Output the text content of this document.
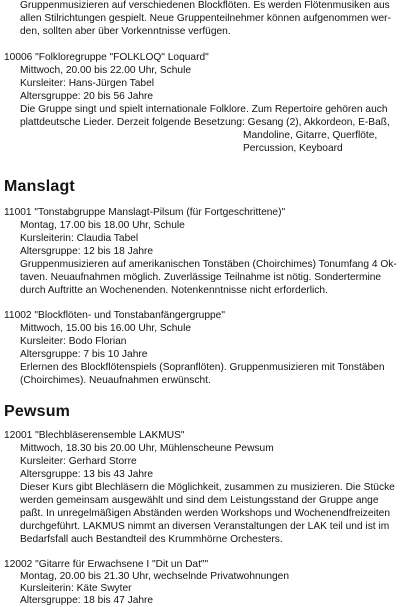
Gruppenmusizieren auf verschiedenen Blockflöten. Es werden Flötenmusiken aus
allen Stilrichtungen gespielt. Neue Gruppenteilnehmer können aufgenommen wer-
den, sollten aber über Vorkenntnisse verfügen.
10006 "Folkloregruppe "FOLKLOQ" Loquard"
Mittwoch, 20.00 bis 22.00 Uhr, Schule
Kursleiter: Hans-Jürgen Tabel
Altersgruppe: 20 bis 56 Jahre
Die Gruppe singt und spielt internationale Folklore. Zum Repertoire gehören auch
plattdeutsche Lieder. Derzeit folgende Besetzung: Gesang (2), Akkordeon, E-Baß,
Mandoline, Gitarre, Querflöte,
Percussion, Keyboard
Manslagt
11001 "Tonstabgruppe Manslagt-Pilsum (für Fortgeschrittene)"
Montag, 17.00 bis 18.00 Uhr, Schule
Kursleiterin: Claudia Tabel
Altersgruppe: 12 bis 18 Jahre
Gruppenmusizieren auf amerikanischen Tonstäben (Choirchimes) Tonumfang 4 Ok-
taven. Neuaufnahmen möglich. Zuverlässige Teilnahme ist nötig. Sondertermine
durch Auftritte an Wochenenden. Notenkenntnisse nicht erforderlich.
11002 "Blockflöten- und Tonstabanfängergruppe"
Mittwoch, 15.00 bis 16.00 Uhr, Schule
Kursleiter: Bodo Florian
Altersgruppe: 7 bis 10 Jahre
Erlernen des Blockflötenspiels (Sopranflöten). Gruppenmusizieren mit Tonstäben
(Choirchimes). Neuaufnahmen erwünscht.
Pewsum
12001 "Blechbläserensemble LAKMUS"
Mittwoch, 18.30 bis 20.00 Uhr, Mühlenscheune Pewsum
Kursleiter: Gerhard Storre
Altersgruppe: 13 bis 43 Jahre
Dieser Kurs gibt Blechläsern die Möglichkeit, zusammen zu musizieren. Die Stücke
werden gemeinsam ausgewählt und sind dem Leistungsstand der Gruppe ange
paßt. In unregelmäßigen Abständen werden Workshops und Wochenendfreizeiten
durchgeführt. LAKMUS nimmt an diversen Veranstaltungen der LAK teil und ist im
Bedarfsfall auch Bestandteil des Krummhörne Orchesters.
12002 "Gitarre für Erwachsene I "Dit un Dat""
Montag, 20.00 bis 21.30 Uhr, wechselnde Privatwohnungen
Kursleiterin: Käte Swyter
Altersgruppe: 18 bis 47 Jahre
